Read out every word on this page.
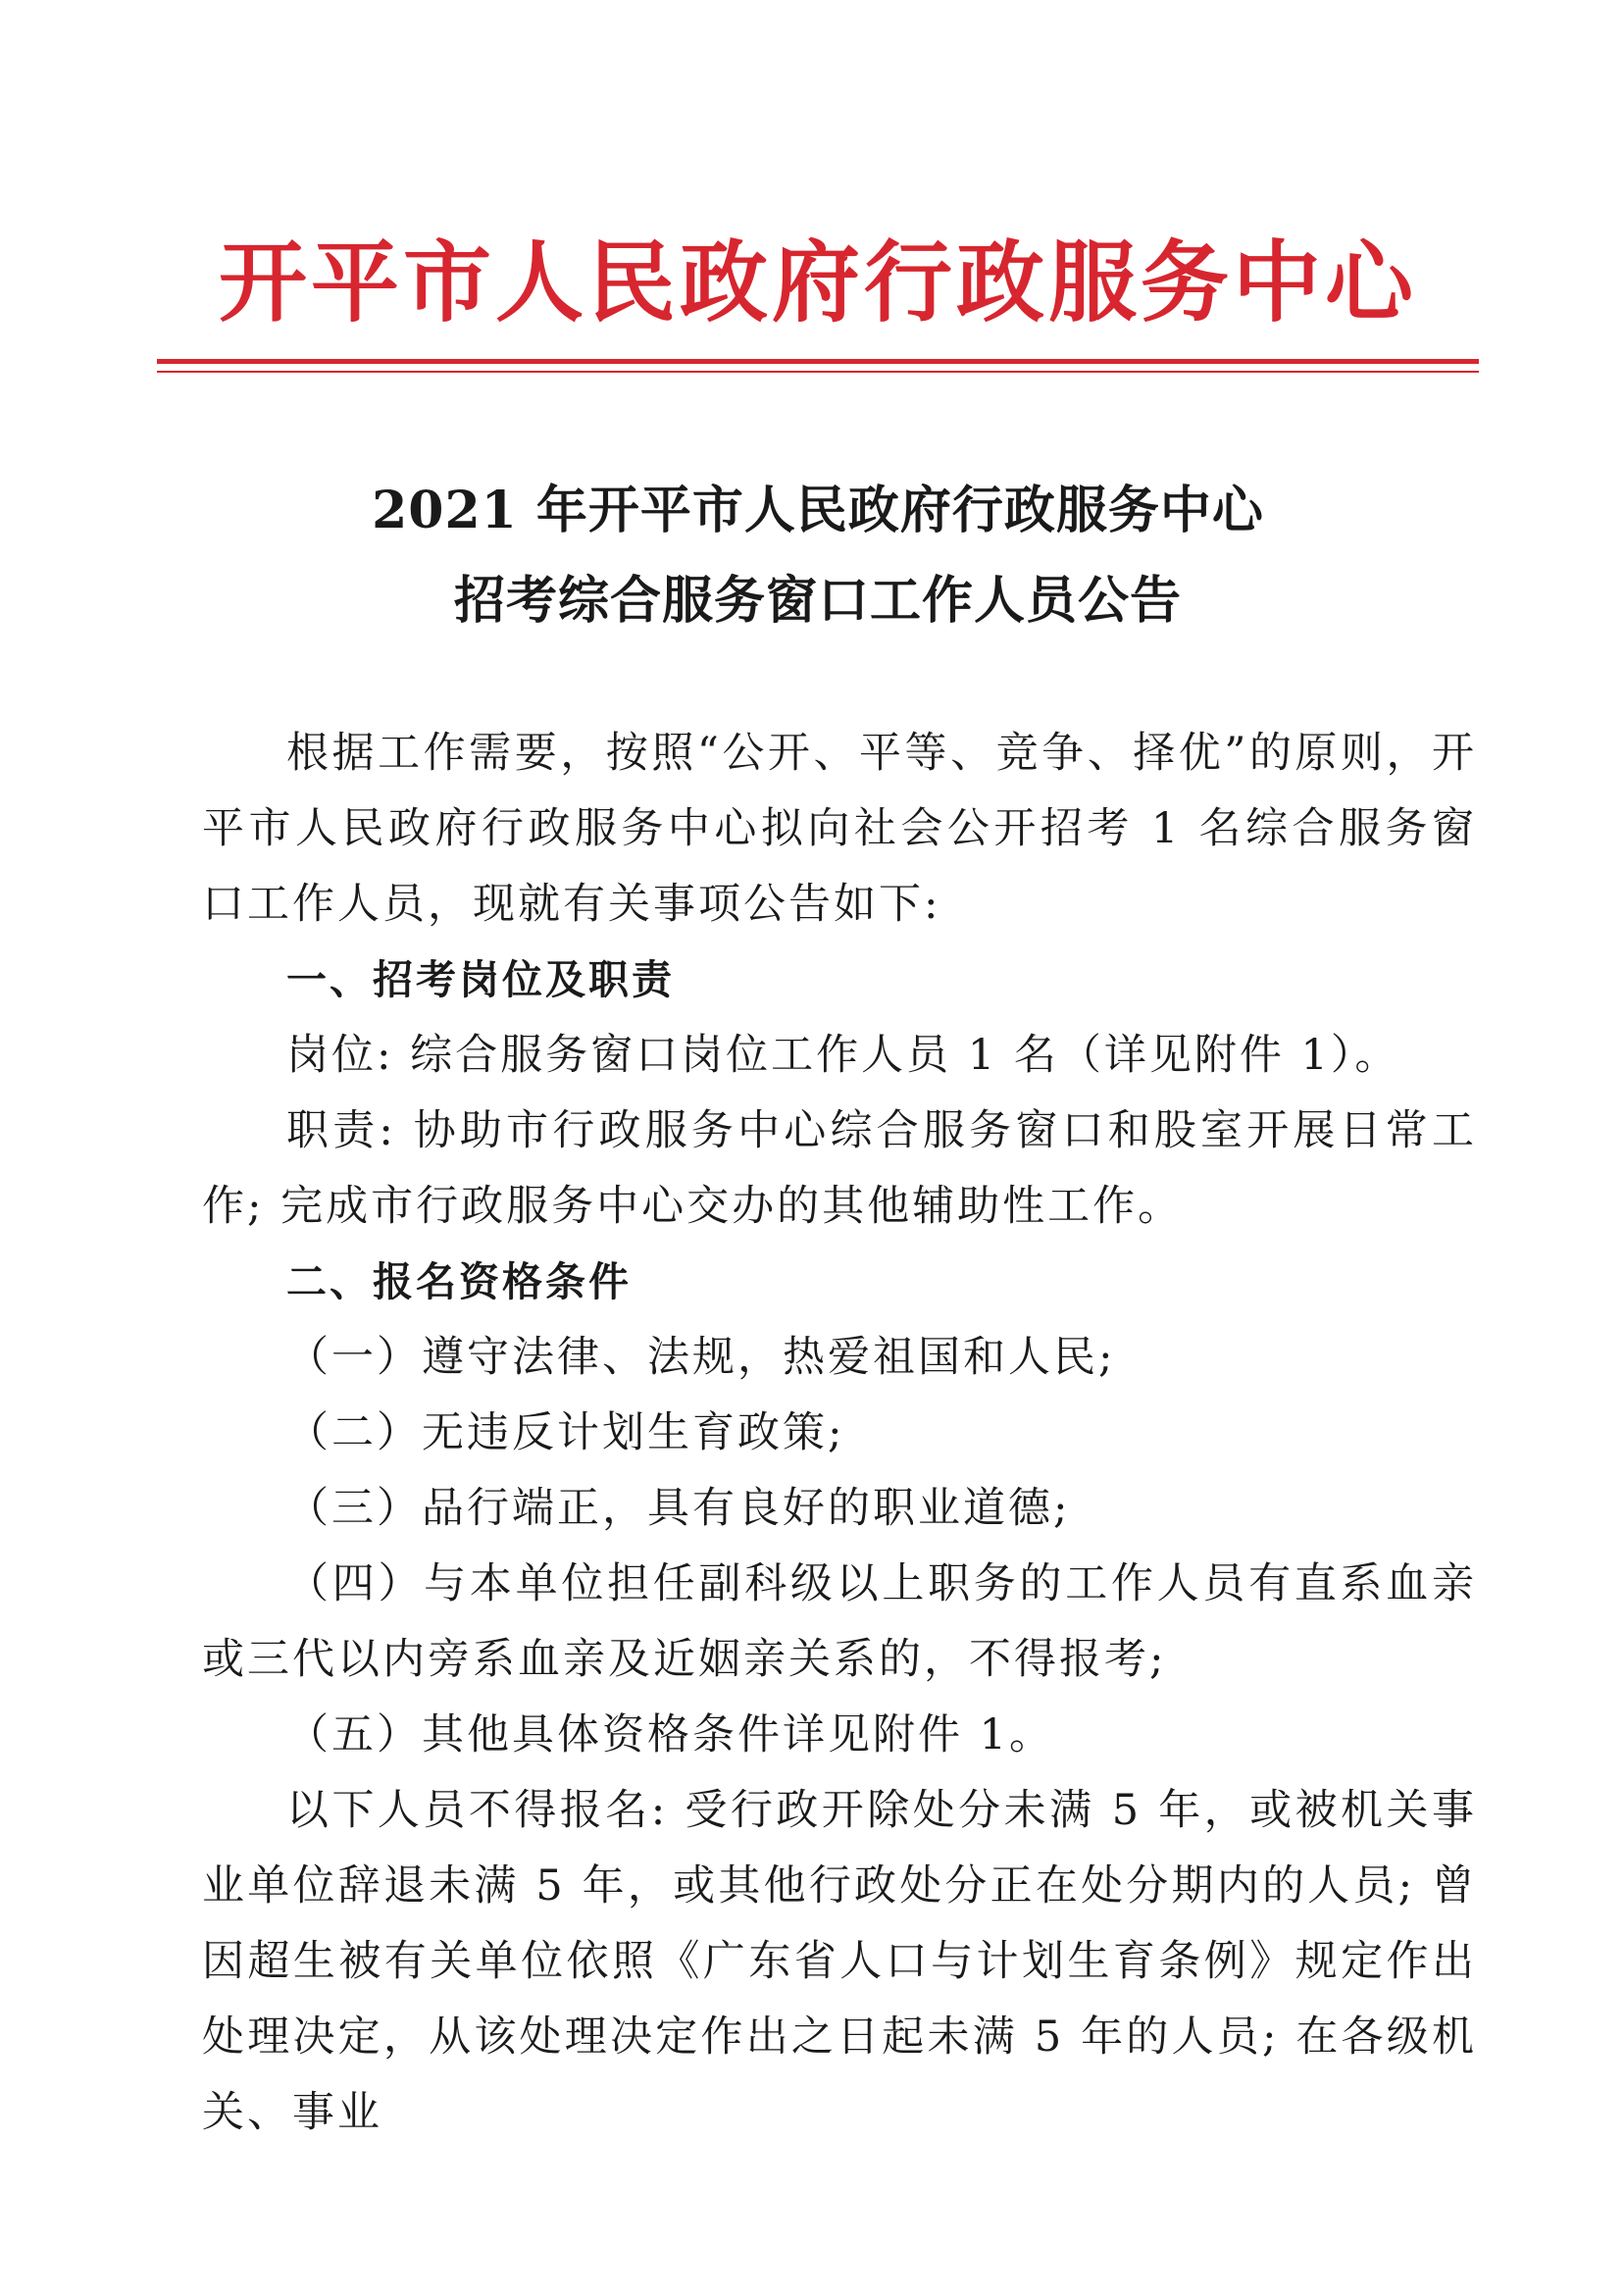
开平市人民政府行政服务中心
2021 年开平市人民政府行政服务中心
招考综合服务窗口工作人员公告

根据工作需要，按照“公开、平等、竞争、择优”的原则，开平市人民政府行政服务中心拟向社会公开招考 1 名综合服务窗口工作人员，现就有关事项公告如下:

一、招考岗位及职责

岗位: 综合服务窗口岗位工作人员 1 名（详见附件 1）。

职责: 协助市行政服务中心综合服务窗口和股室开展日常工作; 完成市行政服务中心交办的其他辅助性工作。

二、报名资格条件

（一）遵守法律、法规，热爱祖国和人民;

（二）无违反计划生育政策;

（三）品行端正，具有良好的职业道德;

（四）与本单位担任副科级以上职务的工作人员有直系血亲或三代以内旁系血亲及近姻亲关系的，不得报考;

（五）其他具体资格条件详见附件 1。

以下人员不得报名: 受行政开除处分未满 5 年，或被机关事业单位辞退未满 5 年，或其他行政处分正在处分期内的人员; 曾因超生被有关单位依照《广东省人口与计划生育条例》规定作出处理决定，从该处理决定作出之日起未满 5 年的人员; 在各级机关、事业
